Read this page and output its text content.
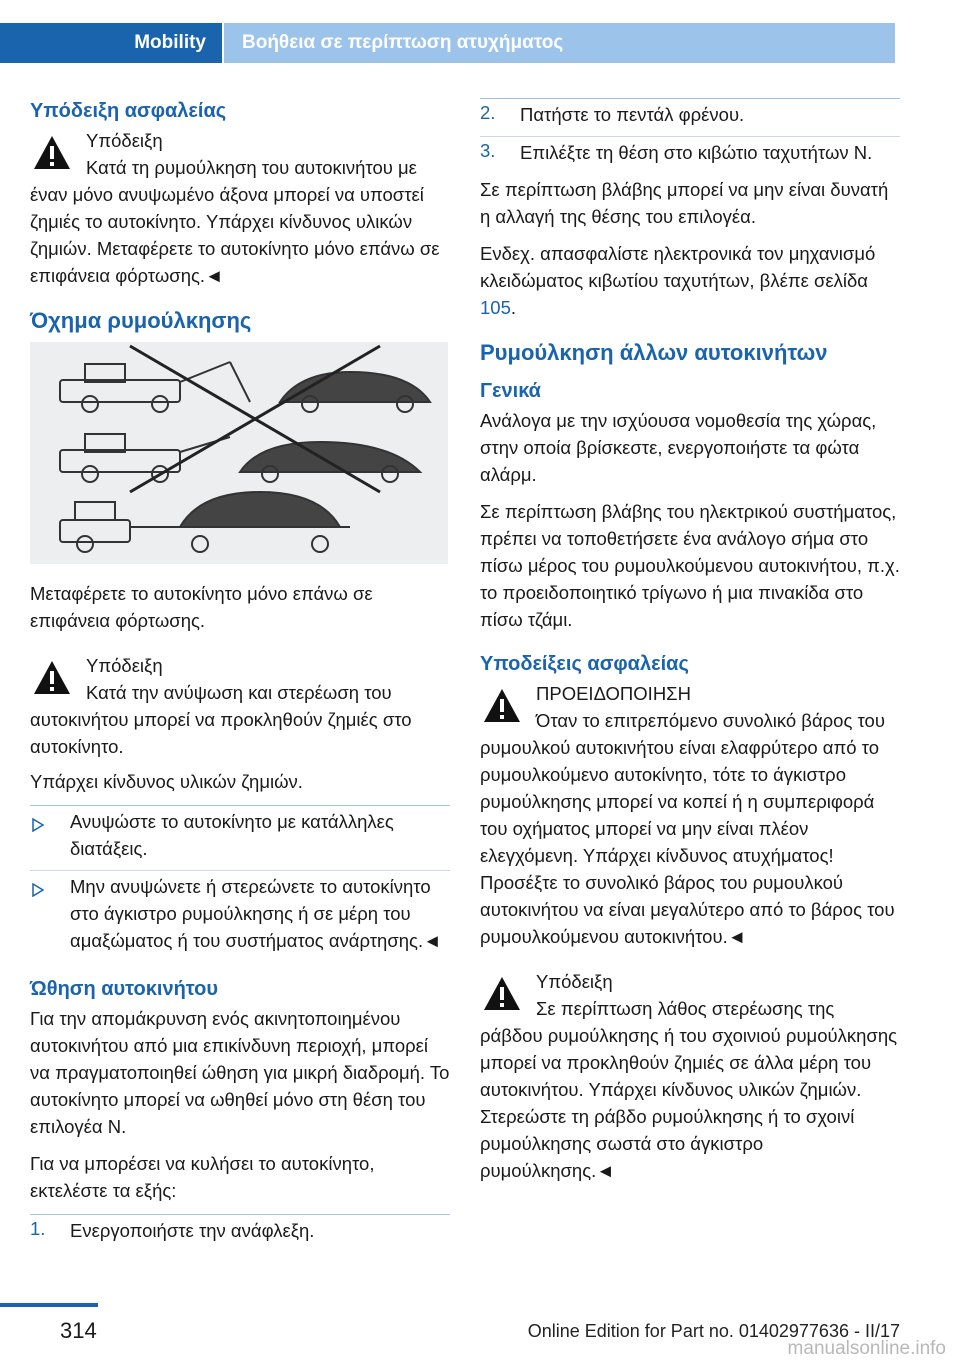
Mobility	Βοήθεια σε περίπτωση ατυχήματος
Υπόδειξη ασφαλείας
Υπόδειξη
Κατά τη ρυμούλκηση του αυτοκινήτου με έναν μόνο ανυψωμένο άξονα μπορεί να υποστεί ζημιές το αυτοκίνητο. Υπάρχει κίνδυνος υλικών ζημιών. Μεταφέρετε το αυτοκίνητο μόνο επάνω σε επιφάνεια φόρτωσης.◄
Όχημα ρυμούλκησης

Μεταφέρετε το αυτοκίνητο μόνο επάνω σε επιφάνεια φόρτωσης.

Υπόδειξη
Κατά την ανύψωση και στερέωση του αυτοκινήτου μπορεί να προκληθούν ζημιές στο αυτοκίνητο.

Υπάρχει κίνδυνος υλικών ζημιών.

Ανυψώστε το αυτοκίνητο με κατάλληλες διατάξεις.
Μην ανυψώνετε ή στερεώνετε το αυτοκίνητο στο άγκιστρο ρυμούλκησης ή σε μέρη του αμαξώματος ή του συστήματος ανάρτησης.◄
Ώθηση αυτοκινήτου

Για την απομάκρυνση ενός ακινητοποιημένου αυτοκινήτου από μια επικίνδυνη περιοχή, μπορεί να πραγματοποιηθεί ώθηση για μικρή διαδρομή. Το αυτοκίνητο μπορεί να ωθηθεί μόνο στη θέση του επιλογέα N.

Για να μπορέσει να κυλήσει το αυτοκίνητο, εκτελέστε τα εξής:

1. Ενεργοποιήστε την ανάφλεξη.
2. Πατήστε το πεντάλ φρένου.
3. Επιλέξτε τη θέση στο κιβώτιο ταχυτήτων N.

Σε περίπτωση βλάβης μπορεί να μην είναι δυνατή η αλλαγή της θέσης του επιλογέα.

Ενδεχ. απασφαλίστε ηλεκτρονικά τον μηχανισμό κλειδώματος κιβωτίου ταχυτήτων, βλέπε σελίδα 105.

Ρυμούλκηση άλλων αυτοκινήτων
Γενικά

Ανάλογα με την ισχύουσα νομοθεσία της χώρας, στην οποία βρίσκεστε, ενεργοποιήστε τα φώτα αλάρμ.

Σε περίπτωση βλάβης του ηλεκτρικού συστήματος, πρέπει να τοποθετήσετε ένα ανάλογο σήμα στο πίσω μέρος του ρυμουλκούμενου αυτοκινήτου, π.χ. το προειδοποιητικό τρίγωνο ή μια πινακίδα στο πίσω τζάμι.

Υποδείξεις ασφαλείας
ΠΡΟΕΙΔΟΠΟΙΗΣΗ
Όταν το επιτρεπόμενο συνολικό βάρος του ρυμουλκού αυτοκινήτου είναι ελαφρύτερο από το ρυμουλκούμενο αυτοκίνητο, τότε το άγκιστρο ρυμούλκησης μπορεί να κοπεί ή η συμπεριφορά του οχήματος μπορεί να μην είναι πλέον ελεγχόμενη. Υπάρχει κίνδυνος ατυχήματος! Προσέξτε το συνολικό βάρος του ρυμουλκού αυτοκινήτου να είναι μεγαλύτερο από το βάρος του ρυμουλκούμενου αυτοκινήτου.◄
Υπόδειξη
Σε περίπτωση λάθος στερέωσης της ράβδου ρυμούλκησης ή του σχοινιού ρυμούλκησης μπορεί να προκληθούν ζημιές σε άλλα μέρη του αυτοκινήτου. Υπάρχει κίνδυνος υλικών ζημιών. Στερεώστε τη ράβδο ρυμούλκησης ή το σχοινί ρυμούλκησης σωστά στο άγκιστρο ρυμούλκησης.◄
314	Online Edition for Part no. 01402977636 - II/17
manualsonline.info
